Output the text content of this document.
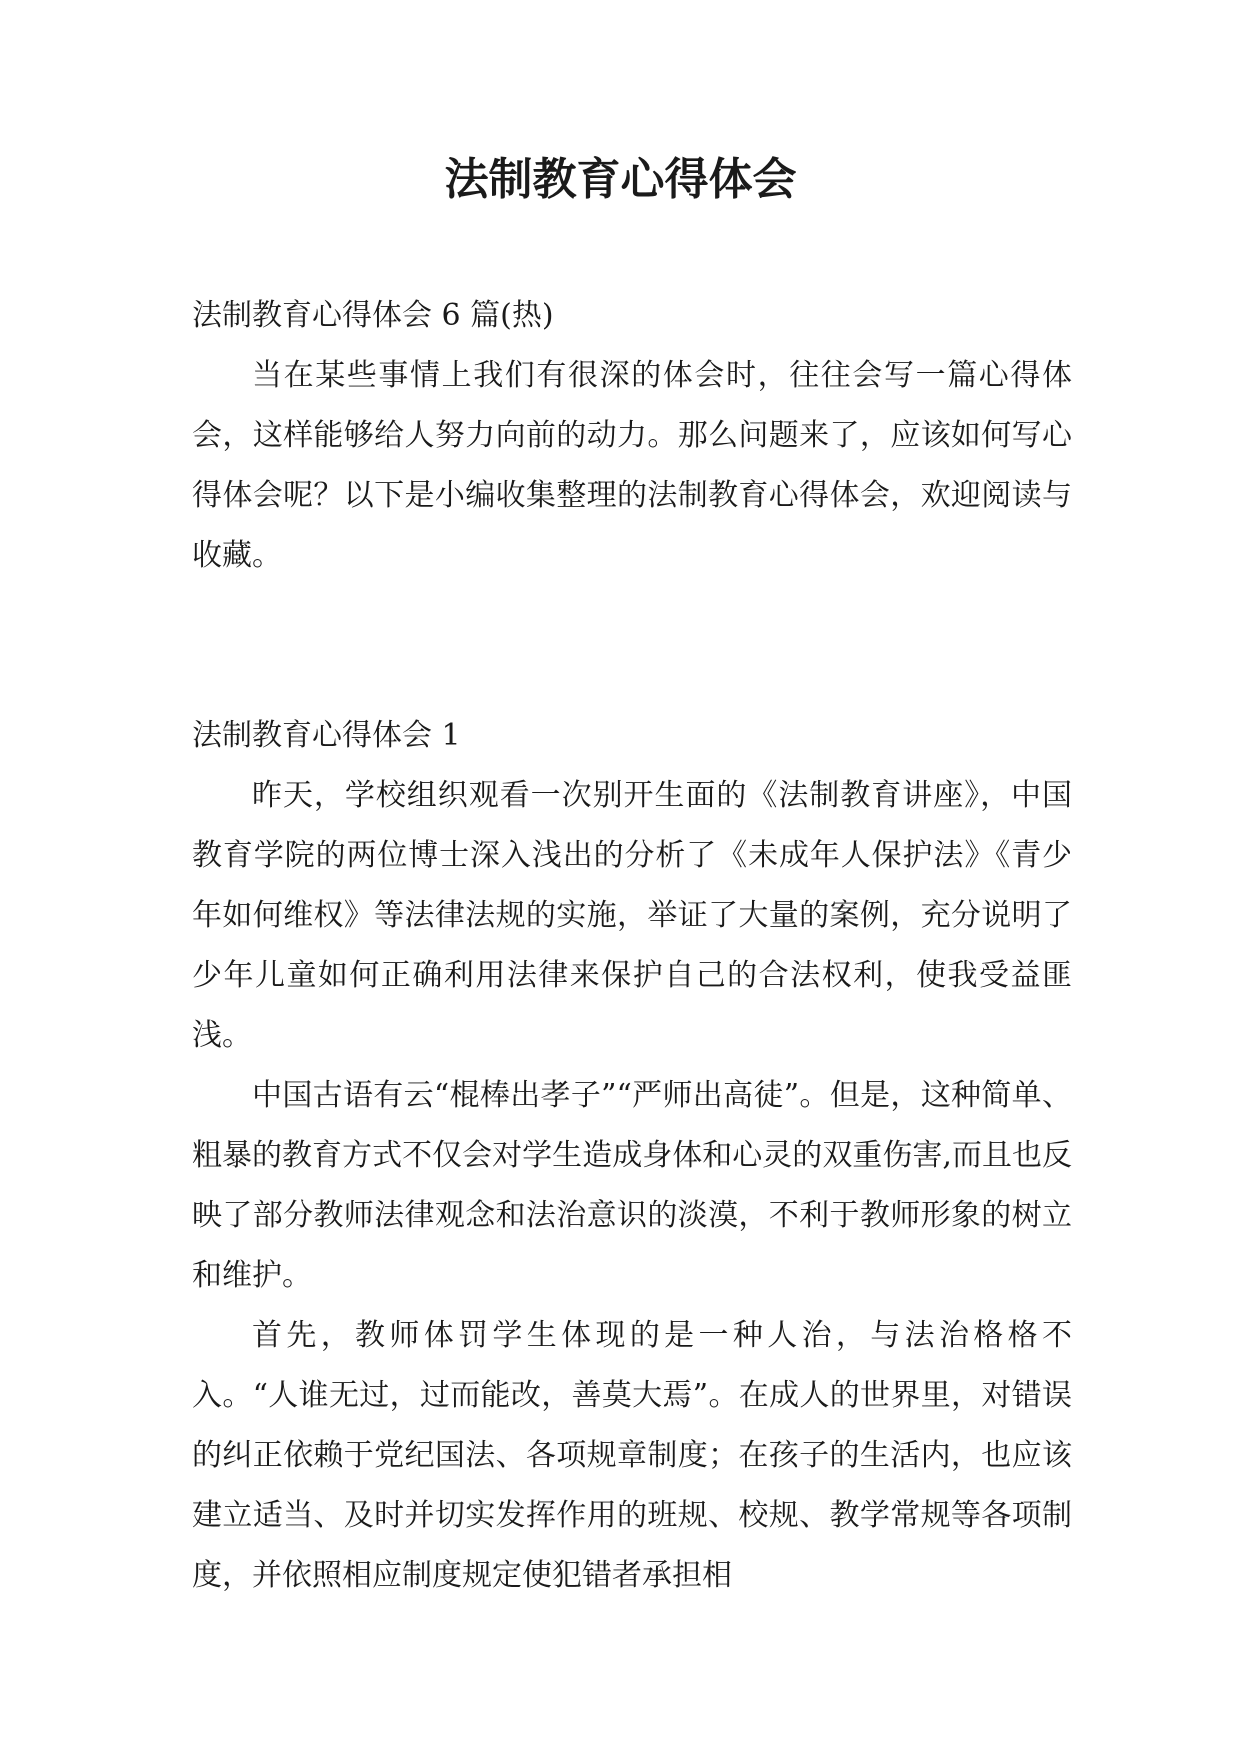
法制教育心得体会

法制教育心得体会 6 篇(热)

当在某些事情上我们有很深的体会时，往往会写一篇心得体会，这样能够给人努力向前的动力。那么问题来了，应该如何写心得体会呢？以下是小编收集整理的法制教育心得体会，欢迎阅读与收藏。

法制教育心得体会 1

昨天，学校组织观看一次别开生面的《法制教育讲座》，中国教育学院的两位博士深入浅出的分析了《未成年人保护法》《青少年如何维权》等法律法规的实施，举证了大量的案例，充分说明了少年儿童如何正确利用法律来保护自己的合法权利，使我受益匪浅。

中国古语有云“棍棒出孝子”“严师出高徒”。但是，这种简单、粗暴的教育方式不仅会对学生造成身体和心灵的双重伤害,而且也反映了部分教师法律观念和法治意识的淡漠，不利于教师形象的树立和维护。

首先，教师体罚学生体现的是一种人治，与法治格格不入。“人谁无过，过而能改，善莫大焉”。在成人的世界里，对错误的纠正依赖于党纪国法、各项规章制度；在孩子的生活内，也应该建立适当、及时并切实发挥作用的班规、校规、教学常规等各项制度，并依照相应制度规定使犯错者承担相
